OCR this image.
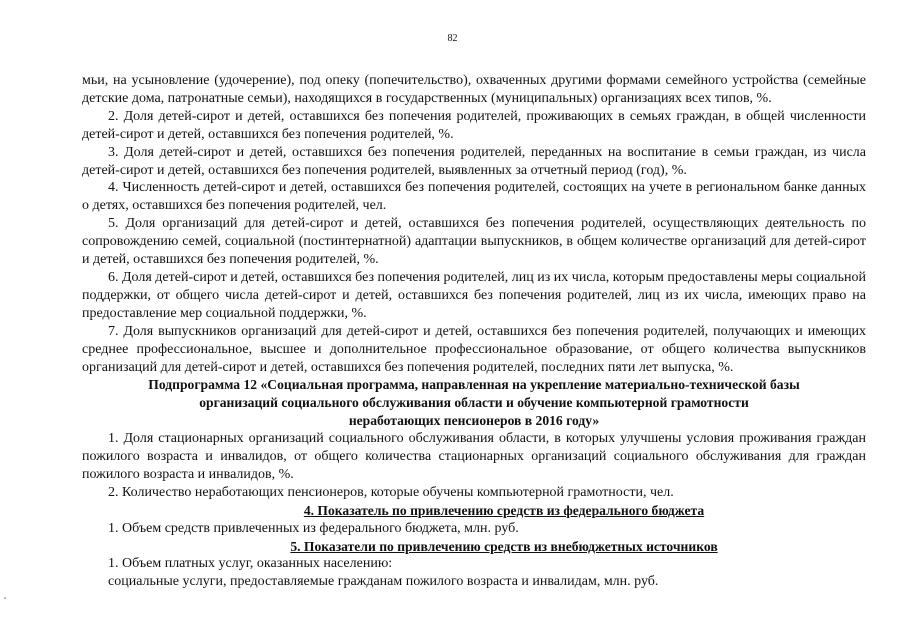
82

мьи, на усыновление (удочерение), под опеку (попечительство), охваченных другими формами семейного устройства (семейные детские дома, патронатные семьи), находящихся в государственных (муниципальных) организациях всех типов, %.

2. Доля детей-сирот и детей, оставшихся без попечения родителей, проживающих в семьях граждан, в общей численности детей-сирот и детей, оставшихся без попечения родителей, %.

3. Доля детей-сирот и детей, оставшихся без попечения родителей, переданных на воспитание в семьи граждан, из числа детей-сирот и детей, оставшихся без попечения родителей, выявленных за отчетный период (год), %.

4. Численность детей-сирот и детей, оставшихся без попечения родителей, состоящих на учете в региональном банке данных о детях, оставшихся без попечения родителей, чел.

5. Доля организаций для детей-сирот и детей, оставшихся без попечения родителей, осуществляющих деятельность по сопровождению семей, социальной (постинтернатной) адаптации выпускников, в общем количестве организаций для детей-сирот и детей, оставшихся без попечения родителей, %.

6. Доля детей-сирот и детей, оставшихся без попечения родителей, лиц из их числа, которым предоставлены меры социальной поддержки, от общего числа детей-сирот и детей, оставшихся без попечения родителей, лиц из их числа, имеющих право на предоставление мер социальной поддержки, %.

7. Доля выпускников организаций для детей-сирот и детей, оставшихся без попечения родителей, получающих и имеющих среднее профессиональное, высшее и дополнительное профессиональное образование, от общего количества выпускников организаций для детей-сирот и детей, оставшихся без попечения родителей, последних пяти лет выпуска, %.

Подпрограмма 12 «Социальная программа, направленная на укрепление материально-технической базы

организаций социального обслуживания области и обучение компьютерной грамотности

неработающих пенсионеров в 2016 году»

1. Доля стационарных организаций социального обслуживания области, в которых улучшены условия проживания граждан пожилого возраста и инвалидов, от общего количества стационарных организаций социального обслуживания для граждан пожилого возраста и инвалидов, %.

2. Количество неработающих пенсионеров, которые обучены компьютерной грамотности, чел.

4. Показатель по привлечению средств из федерального бюджета

1. Объем средств привлеченных из федерального бюджета, млн. руб.

5. Показатели по привлечению средств из внебюджетных источников

1. Объем платных услуг, оказанных населению:

социальные услуги, предоставляемые гражданам пожилого возраста и инвалидам, млн. руб.
